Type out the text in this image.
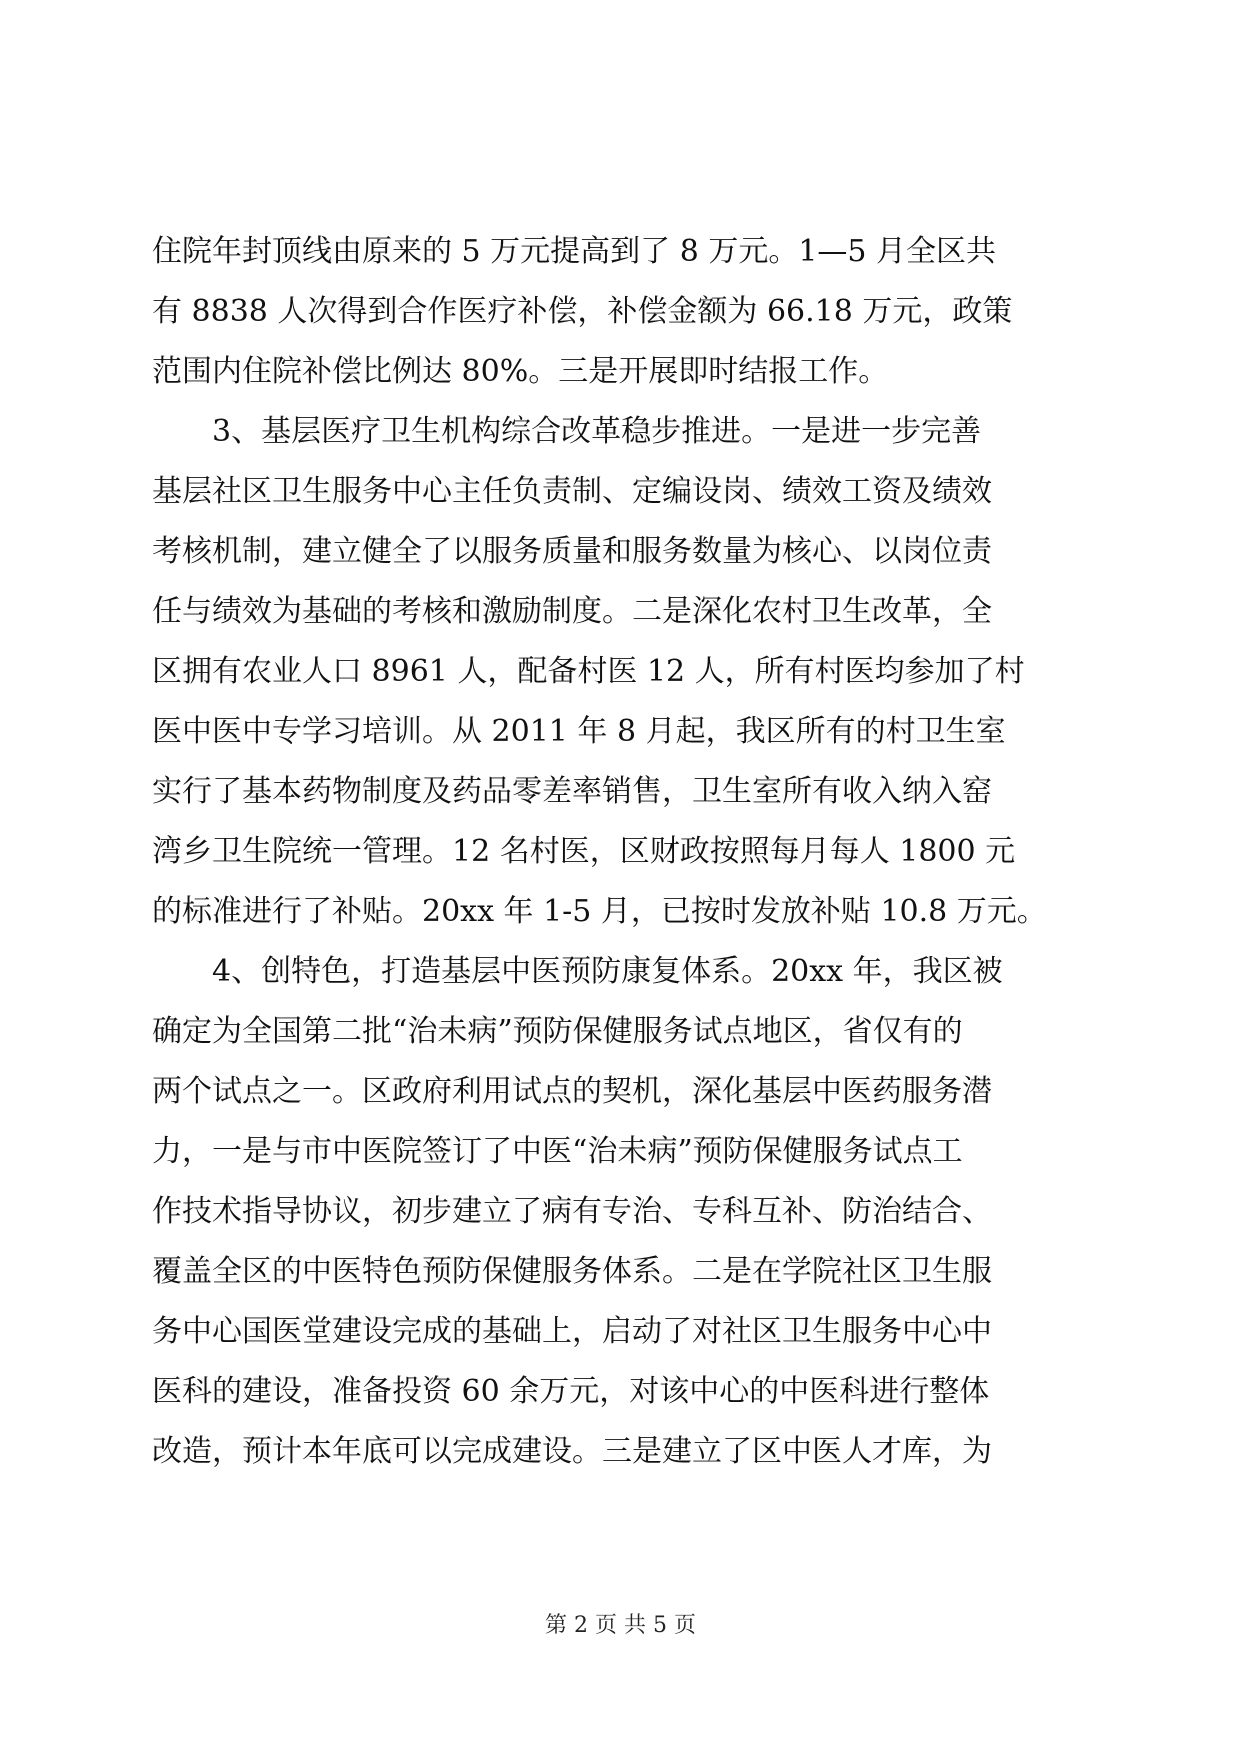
住院年封顶线由原来的 5 万元提高到了 8 万元。1—5 月全区共
有 8838 人次得到合作医疗补偿，补偿金额为 66.18 万元，政策
范围内住院补偿比例达 80%。三是开展即时结报工作。
　　3、基层医疗卫生机构综合改革稳步推进。一是进一步完善
基层社区卫生服务中心主任负责制、定编设岗、绩效工资及绩效
考核机制，建立健全了以服务质量和服务数量为核心、以岗位责
任与绩效为基础的考核和激励制度。二是深化农村卫生改革，全
区拥有农业人口 8961 人，配备村医 12 人，所有村医均参加了村
医中医中专学习培训。从 2011 年 8 月起，我区所有的村卫生室
实行了基本药物制度及药品零差率销售，卫生室所有收入纳入窑
湾乡卫生院统一管理。12 名村医，区财政按照每月每人 1800 元
的标准进行了补贴。20xx 年 1-5 月，已按时发放补贴 10.8 万元。
　　4、创特色，打造基层中医预防康复体系。20xx 年，我区被
确定为全国第二批“治未病”预防保健服务试点地区，省仅有的
两个试点之一。区政府利用试点的契机，深化基层中医药服务潜
力，一是与市中医院签订了中医“治未病”预防保健服务试点工
作技术指导协议，初步建立了病有专治、专科互补、防治结合、
覆盖全区的中医特色预防保健服务体系。二是在学院社区卫生服
务中心国医堂建设完成的基础上，启动了对社区卫生服务中心中
医科的建设，准备投资 60 余万元，对该中心的中医科进行整体
改造，预计本年底可以完成建设。三是建立了区中医人才库，为
第 2 页 共 5 页
